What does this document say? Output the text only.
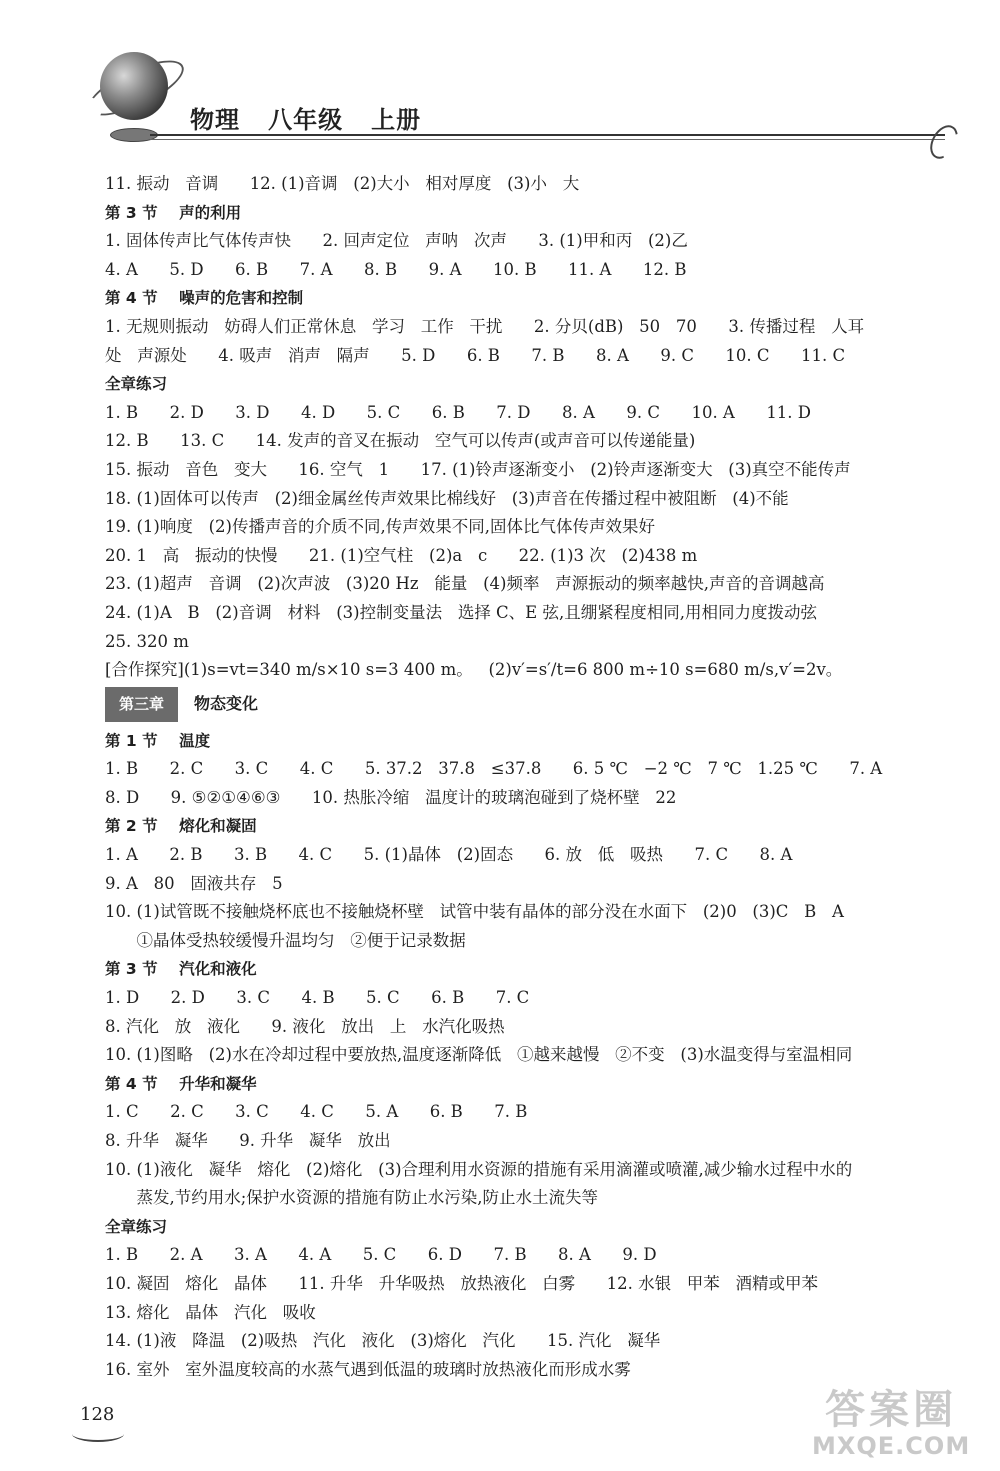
物理   八年级   上册
11. 振动   音调      12. (1)音调   (2)大小   相对厚度   (3)小   大
第 3 节    声的利用
1. 固体传声比气体传声快      2. 回声定位   声呐   次声      3. (1)甲和丙   (2)乙
4. A      5. D      6. B      7. A      8. B      9. A      10. B      11. A      12. B
第 4 节    噪声的危害和控制
1. 无规则振动   妨碍人们正常休息   学习   工作   干扰      2. 分贝(dB)   50   70      3. 传播过程   人耳
处   声源处      4. 吸声   消声   隔声      5. D      6. B      7. B      8. A      9. C      10. C      11. C
全章练习
1. B      2. D      3. D      4. D      5. C      6. B      7. D      8. A      9. C      10. A      11. D
12. B      13. C      14. 发声的音叉在振动   空气可以传声(或声音可以传递能量)
15. 振动   音色   变大      16. 空气   1      17. (1)铃声逐渐变小   (2)铃声逐渐变大   (3)真空不能传声
18. (1)固体可以传声   (2)细金属丝传声效果比棉线好   (3)声音在传播过程中被阻断   (4)不能
19. (1)响度   (2)传播声音的介质不同,传声效果不同,固体比气体传声效果好
20. 1   高   振动的快慢      21. (1)空气柱   (2)a   c      22. (1)3 次   (2)438 m
23. (1)超声   音调   (2)次声波   (3)20 Hz   能量   (4)频率   声源振动的频率越快,声音的音调越高
24. (1)A   B   (2)音调   材料   (3)控制变量法   选择 C、E 弦,且绷紧程度相同,用相同力度拨动弦
25. 320 m
[合作探究](1)s=vt=340 m/s×10 s=3 400 m。   (2)v′=s′/t=6 800 m÷10 s=680 m/s,v′=2v。
第三章	物态变化
第 1 节    温度
1. B      2. C      3. C      4. C      5. 37.2   37.8   ≤37.8      6. 5 ℃   −2 ℃   7 ℃   1.25 ℃      7. A
8. D      9. ⑤②①④⑥③      10. 热胀冷缩   温度计的玻璃泡碰到了烧杯壁   22
第 2 节    熔化和凝固
1. A      2. B      3. B      4. C      5. (1)晶体   (2)固态      6. 放   低   吸热      7. C      8. A
9. A   80   固液共存   5
10. (1)试管既不接触烧杯底也不接触烧杯壁   试管中装有晶体的部分没在水面下   (2)0   (3)C   B   A
①晶体受热较缓慢升温均匀   ②便于记录数据
第 3 节    汽化和液化
1. D      2. D      3. C      4. B      5. C      6. B      7. C
8. 汽化   放   液化      9. 液化   放出   上   水汽化吸热
10. (1)图略   (2)水在冷却过程中要放热,温度逐渐降低   ①越来越慢   ②不变   (3)水温变得与室温相同
第 4 节    升华和凝华
1. C      2. C      3. C      4. C      5. A      6. B      7. B
8. 升华   凝华      9. 升华   凝华   放出
10. (1)液化   凝华   熔化   (2)熔化   (3)合理利用水资源的措施有采用滴灌或喷灌,减少输水过程中水的
蒸发,节约用水;保护水资源的措施有防止水污染,防止水土流失等
全章练习
1. B      2. A      3. A      4. A      5. C      6. D      7. B      8. A      9. D
10. 凝固   熔化   晶体      11. 升华   升华吸热   放热液化   白雾      12. 水银   甲苯   酒精或甲苯
13. 熔化   晶体   汽化   吸收
14. (1)液   降温   (2)吸热   汽化   液化   (3)熔化   汽化      15. 汽化   凝华
16. 室外   室外温度较高的水蒸气遇到低温的玻璃时放热液化而形成水雾
128	答案圈
MXQE.COM
